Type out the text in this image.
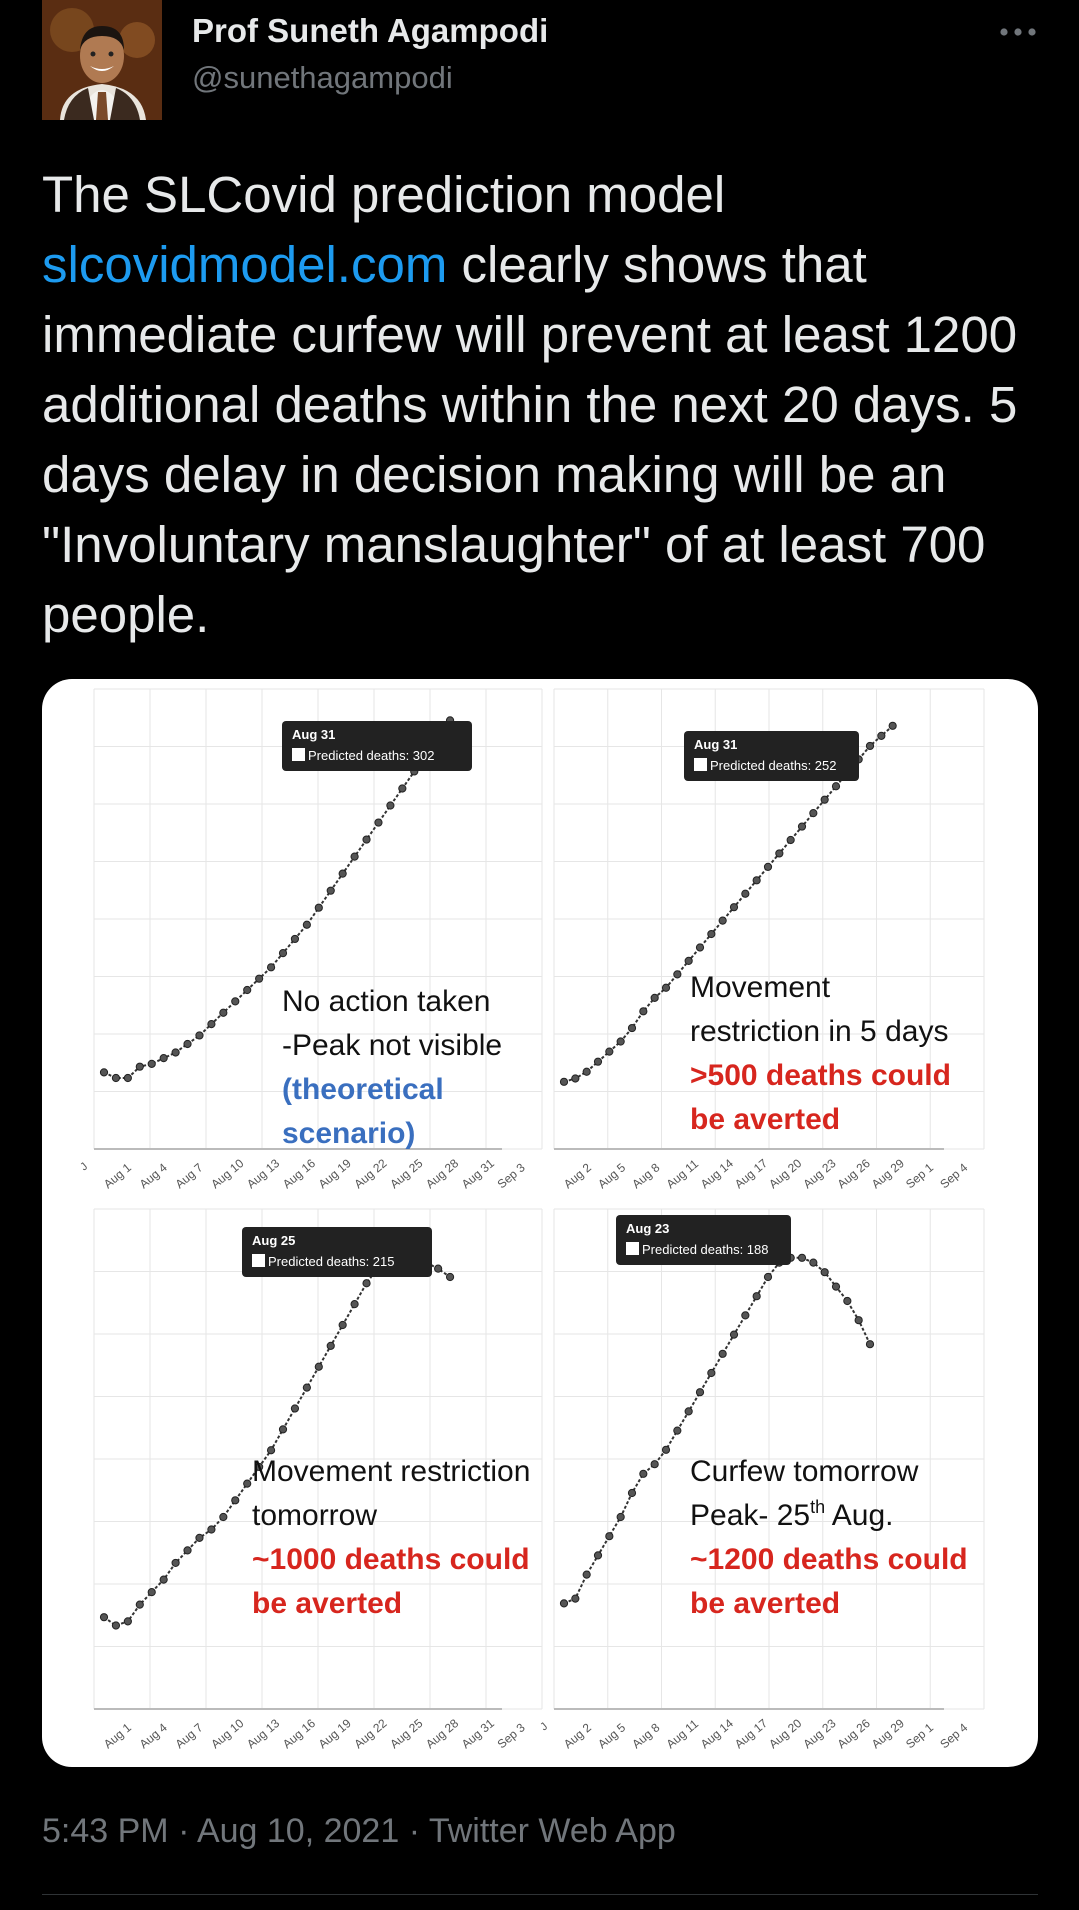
Prof Suneth Agampodi
@sunethagampodi
The SLCovid prediction model slcovidmodel.com clearly shows that immediate curfew will prevent at least 1200 additional deaths within the next 20 days. 5 days delay in decision making will be an "Involuntary manslaughter" of at least 700 people.
J Aug 1 Aug 4 Aug 7 Aug 10
Aug 13
Aug 16
Aug 19
Aug 22
Aug 25
Aug 28
Aug 31
Sep 3
Aug 31
Predicted deaths: 302
No action taken
-Peak not visible
(theoretical
scenario)
Aug 2 Aug 5 Aug 8 Aug 11
Aug 14
Aug 17
Aug 20
Aug 23
Aug 26
Aug 29
Sep 1 Sep 4
Aug 31
Predicted deaths: 252
Movement
restriction in 5 days
>500 deaths could
be averted
Aug 1 Aug 4 Aug 7 Aug 10
Aug 13
Aug 16
Aug 19
Aug 22
Aug 25
Aug 28
Aug 31
Sep 3
Aug 25
Predicted deaths: 215
Movement restriction
tomorrow
~1000 deaths could
be averted
J Aug 2 Aug 5 Aug 8 Aug 11
Aug 14
Aug 17
Aug 20
Aug 23
Aug 26
Aug 29
Sep 1 Sep 4
Aug 23
Predicted deaths: 188
Curfew tomorrow
Peak- 25th Aug.
~1200 deaths could
be averted
5:43 PM · Aug 10, 2021 · Twitter Web App
